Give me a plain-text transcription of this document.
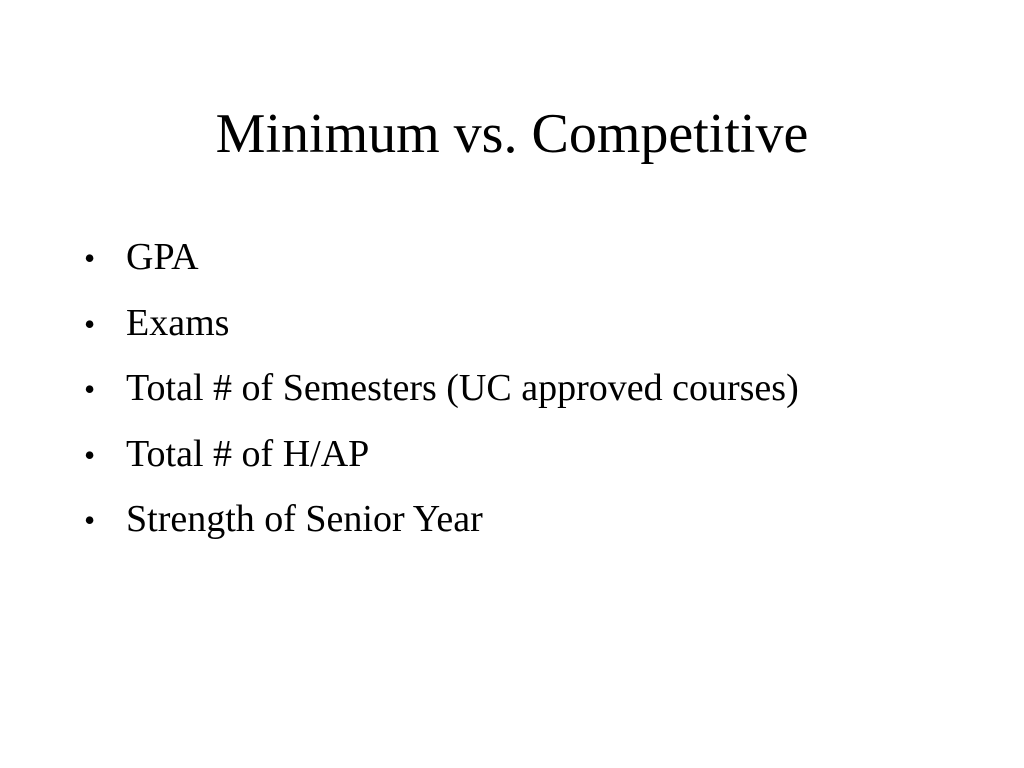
Minimum vs. Competitive
• GPA
• Exams
• Total # of Semesters (UC approved courses)
• Total # of H/AP
• Strength of Senior Year
